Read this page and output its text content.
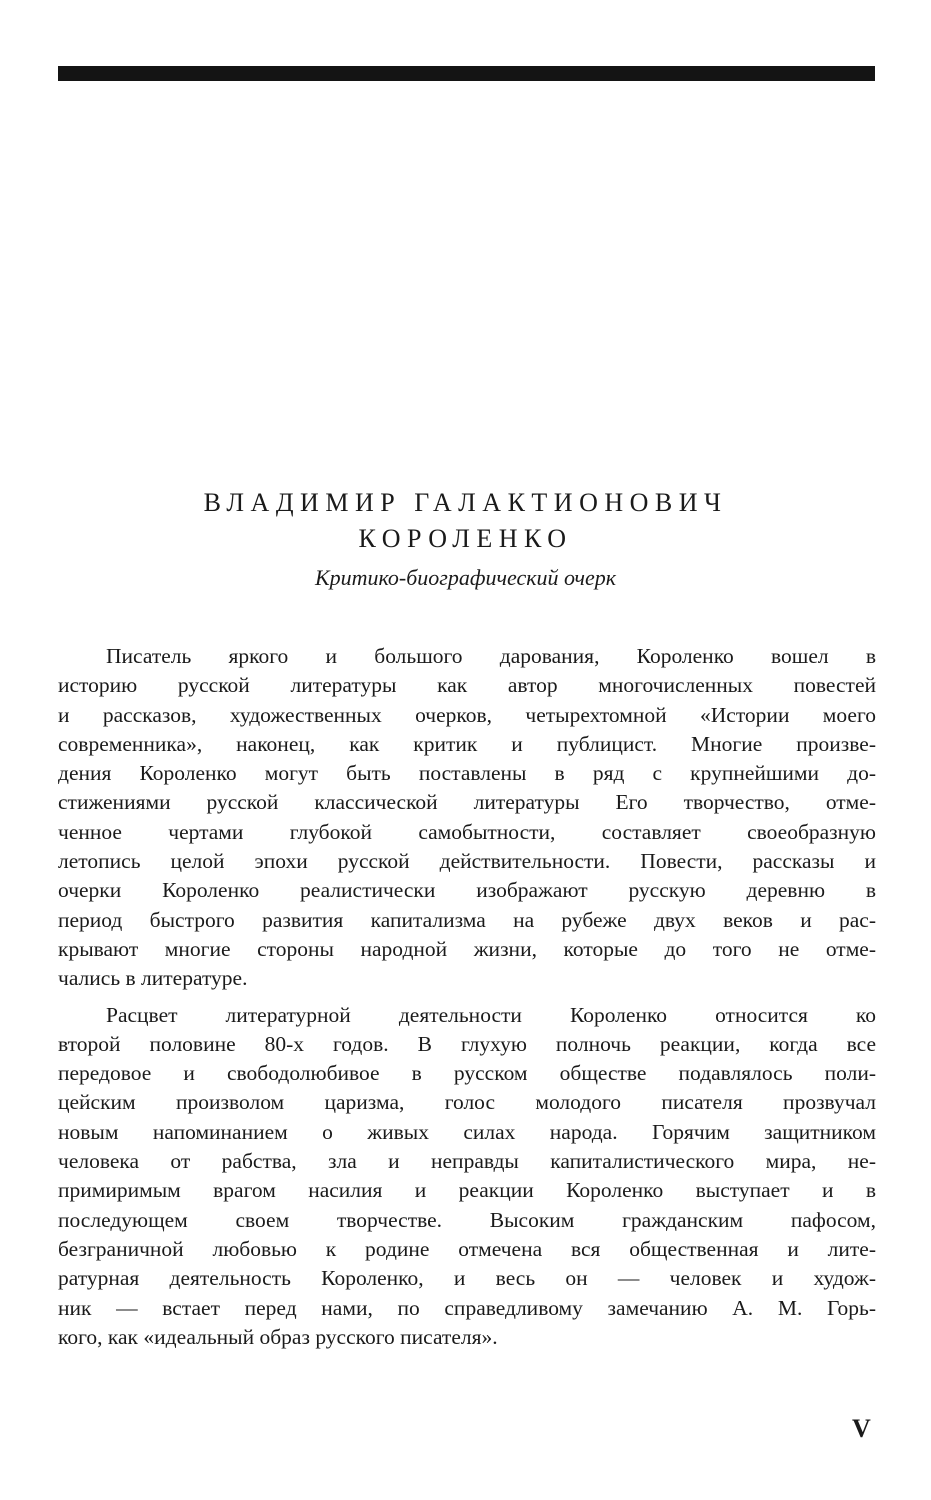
ВЛАДИМИР ГАЛАКТИОНОВИЧ
КОРОЛЕНКО
Критико-биографический очерк

Писатель яркого и большого дарования, Короленко вошел в
историю русской литературы как автор многочисленных повестей
и рассказов, художественных очерков, четырехтомной «Истории моего
современника», наконец, как критик и публицист. Многие произве-
дения Короленко могут быть поставлены в ряд с крупнейшими до-
стижениями русской классической литературы Его творчество, отме-
ченное чертами глубокой самобытности, составляет своеобразную
летопись целой эпохи русской действительности. Повести, рассказы и
очерки Короленко реалистически изображают русскую деревню в
период быстрого развития капитализма на рубеже двух веков и рас-
крывают многие стороны народной жизни, которые до того не отме-
чались в литературе.

Расцвет литературной деятельности Короленко относится ко
второй половине 80-х годов. В глухую полночь реакции, когда все
передовое и свободолюбивое в русском обществе подавлялось поли-
цейским произволом царизма, голос молодого писателя прозвучал
новым напоминанием о живых силах народа. Горячим защитником
человека от рабства, зла и неправды капиталистического мира, не-
примиримым врагом насилия и реакции Короленко выступает и в
последующем своем творчестве. Высоким гражданским пафосом,
безграничной любовью к родине отмечена вся общественная и лите-
ратурная деятельность Короленко, и весь он — человек и худож-
ник — встает перед нами, по справедливому замечанию А. М. Горь-
кого, как «идеальный образ русского писателя».

V
